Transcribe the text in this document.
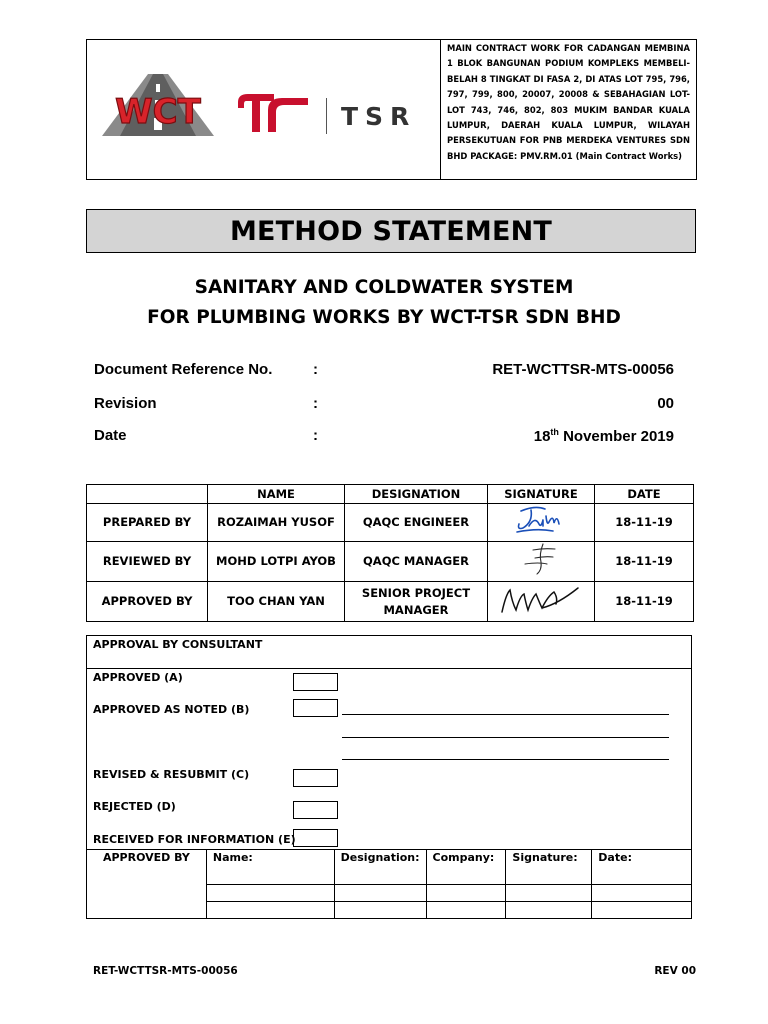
WCT	TSR
MAIN CONTRACT WORK FOR CADANGAN MEMBINA 1 BLOK BANGUNAN PODIUM KOMPLEKS MEMBELI-BELAH 8 TINGKAT DI FASA 2, DI ATAS LOT 795, 796, 797, 799, 800, 20007, 20008 & SEBAHAGIAN LOT-LOT 743, 746, 802, 803 MUKIM BANDAR KUALA LUMPUR, DAERAH KUALA LUMPUR, WILAYAH PERSEKUTUAN FOR PNB MERDEKA VENTURES SDN BHD PACKAGE: PMV.RM.01 (Main Contract Works)
METHOD STATEMENT
SANITARY AND COLDWATER SYSTEM
FOR PLUMBING WORKS BY WCT-TSR SDN BHD
Document Reference No.	:	RET-WCTTSR-MTS-00056
Revision	:	00
Date	:	18th November 2019
	NAME	DESIGNATION	SIGNATURE	DATE
PREPARED BY	ROZAIMAH YUSOF	QAQC ENGINEER		18-11-19
REVIEWED BY	MOHD LOTPI AYOB	QAQC MANAGER		18-11-19
APPROVED BY	TOO CHAN YAN	SENIOR PROJECT MANAGER		18-11-19
APPROVAL BY CONSULTANT
APPROVED (A)
APPROVED AS NOTED (B)
REVISED & RESUBMIT (C)
REJECTED (D)
RECEIVED FOR INFORMATION (E)
APPROVED BY	Name:	Designation:	Company:	Signature:	Date:

RET-WCTTSR-MTS-00056	REV 00
